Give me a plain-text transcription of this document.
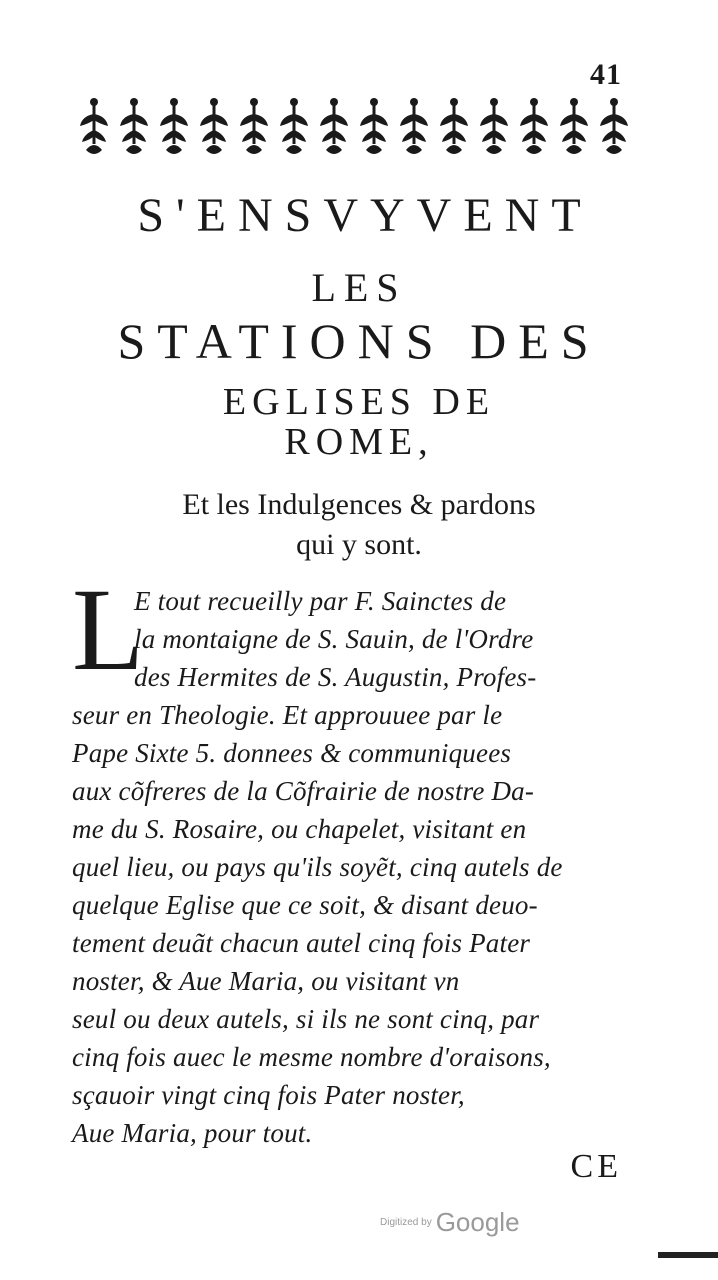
41
S'ENSVYVENT
LES
STATIONS DES
EGLISES DE
ROME,
Et les Indulgences & pardons
qui y sont.
L
E tout recueilly par F. Sainctes de
la montaigne de S. Sauin, de l'Ordre
des Hermites de S. Augustin, Profes-
seur en Theologie. Et approuuee par le
Pape Sixte 5. donnees & communiquees
aux cõfreres de la Cõfrairie de nostre Da-
me du S. Rosaire, ou chapelet, visitant en
quel lieu, ou pays qu'ils soyẽt, cinq autels de
quelque Eglise que ce soit, & disant deuo-
tement deuãt chacun autel cinq fois Pater
noster, & Aue Maria, ou visitant vn
seul ou deux autels, si ils ne sont cinq, par
cinq fois auec le mesme nombre d'oraisons,
sçauoir vingt cinq fois Pater noster,
Aue Maria, pour tout.
CE
Digitized by Google
